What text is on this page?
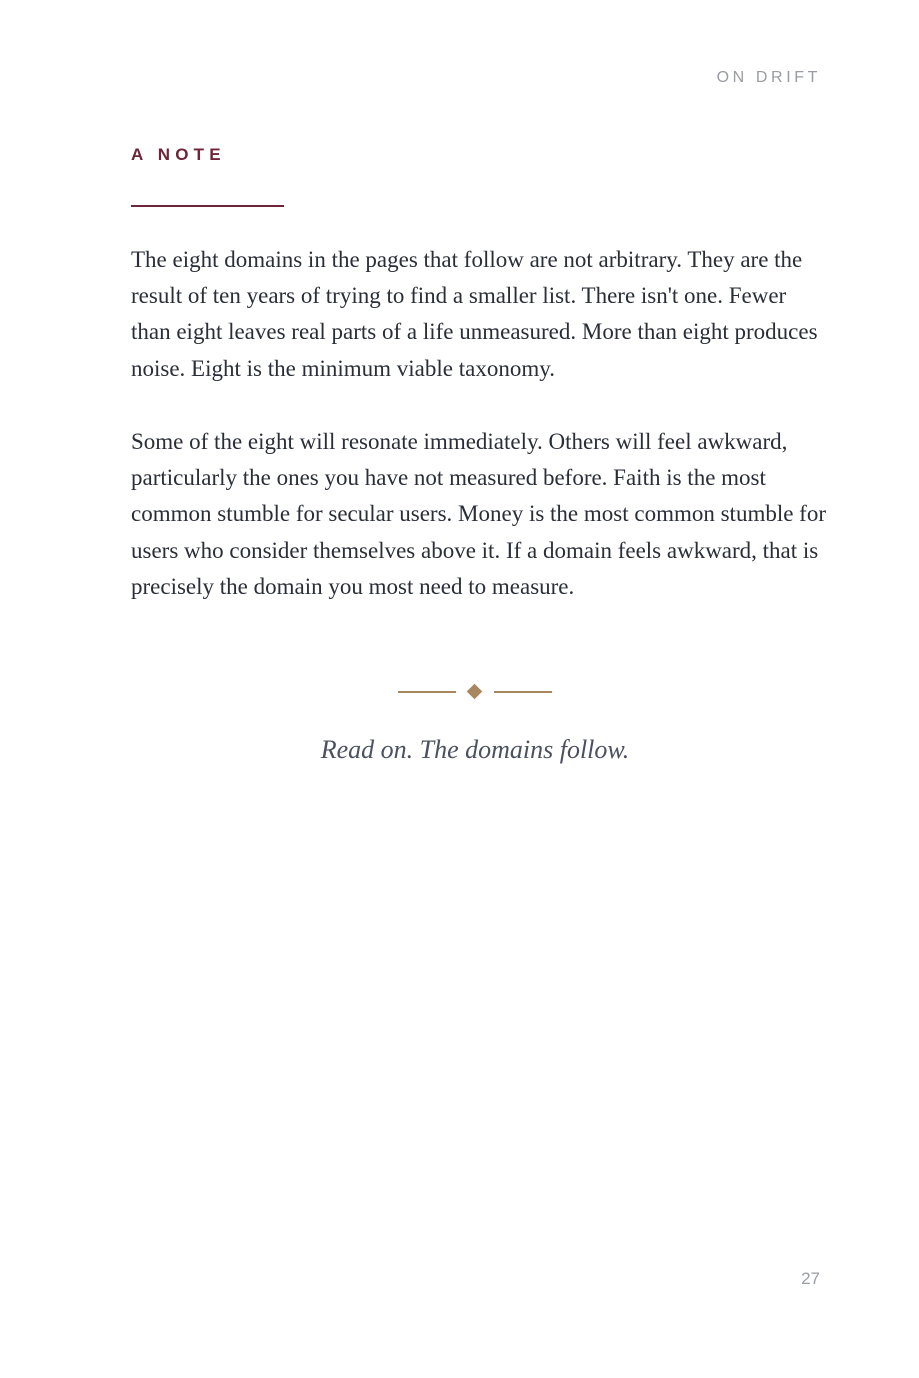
ON DRIFT
A NOTE

The eight domains in the pages that follow are not arbitrary. They are the result of ten years of trying to find a smaller list. There isn't one. Fewer than eight leaves real parts of a life unmeasured. More than eight produces noise. Eight is the minimum viable taxonomy.

Some of the eight will resonate immediately. Others will feel awkward, particularly the ones you have not measured before. Faith is the most common stumble for secular users. Money is the most common stumble for users who consider themselves above it. If a domain feels awkward, that is precisely the domain you most need to measure.

Read on. The domains follow.
27
